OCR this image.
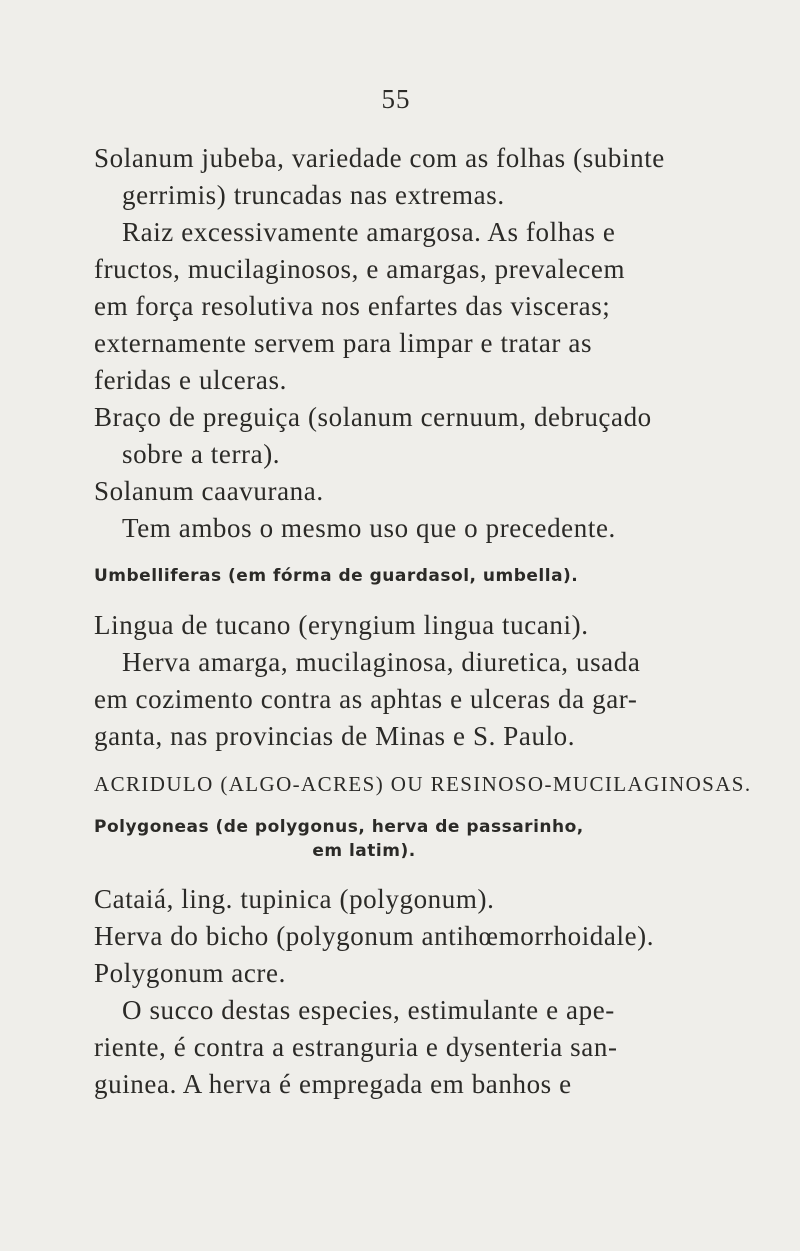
55
Solanum jubeba, variedade com as folhas (subinte
gerrimis) truncadas nas extremas.
Raiz excessivamente amargosa. As folhas e
fructos, mucilaginosos, e amargas, prevalecem
em força resolutiva nos enfartes das visceras;
externamente servem para limpar e tratar as
feridas e ulceras.
Braço de preguiça (solanum cernuum, debruçado
sobre a terra).
Solanum caavurana.
Tem ambos o mesmo uso que o precedente.
Umbelliferas (em fórma de guardasol, umbella).
Lingua de tucano (eryngium lingua tucani).
Herva amarga, mucilaginosa, diuretica, usada
em cozimento contra as aphtas e ulceras da gar-
ganta, nas provincias de Minas e S. Paulo.
ACRIDULO (ALGO-ACRES) OU RESINOSO-MUCILAGINOSAS.
Polygoneas (de polygonus, herva de passarinho,
em latim).
Cataiá, ling. tupinica (polygonum).
Herva do bicho (polygonum antihœmorrhoidale).
Polygonum acre.
O succo destas especies, estimulante e ape-
riente, é contra a estranguria e dysenteria san-
guinea. A herva é empregada em banhos e
